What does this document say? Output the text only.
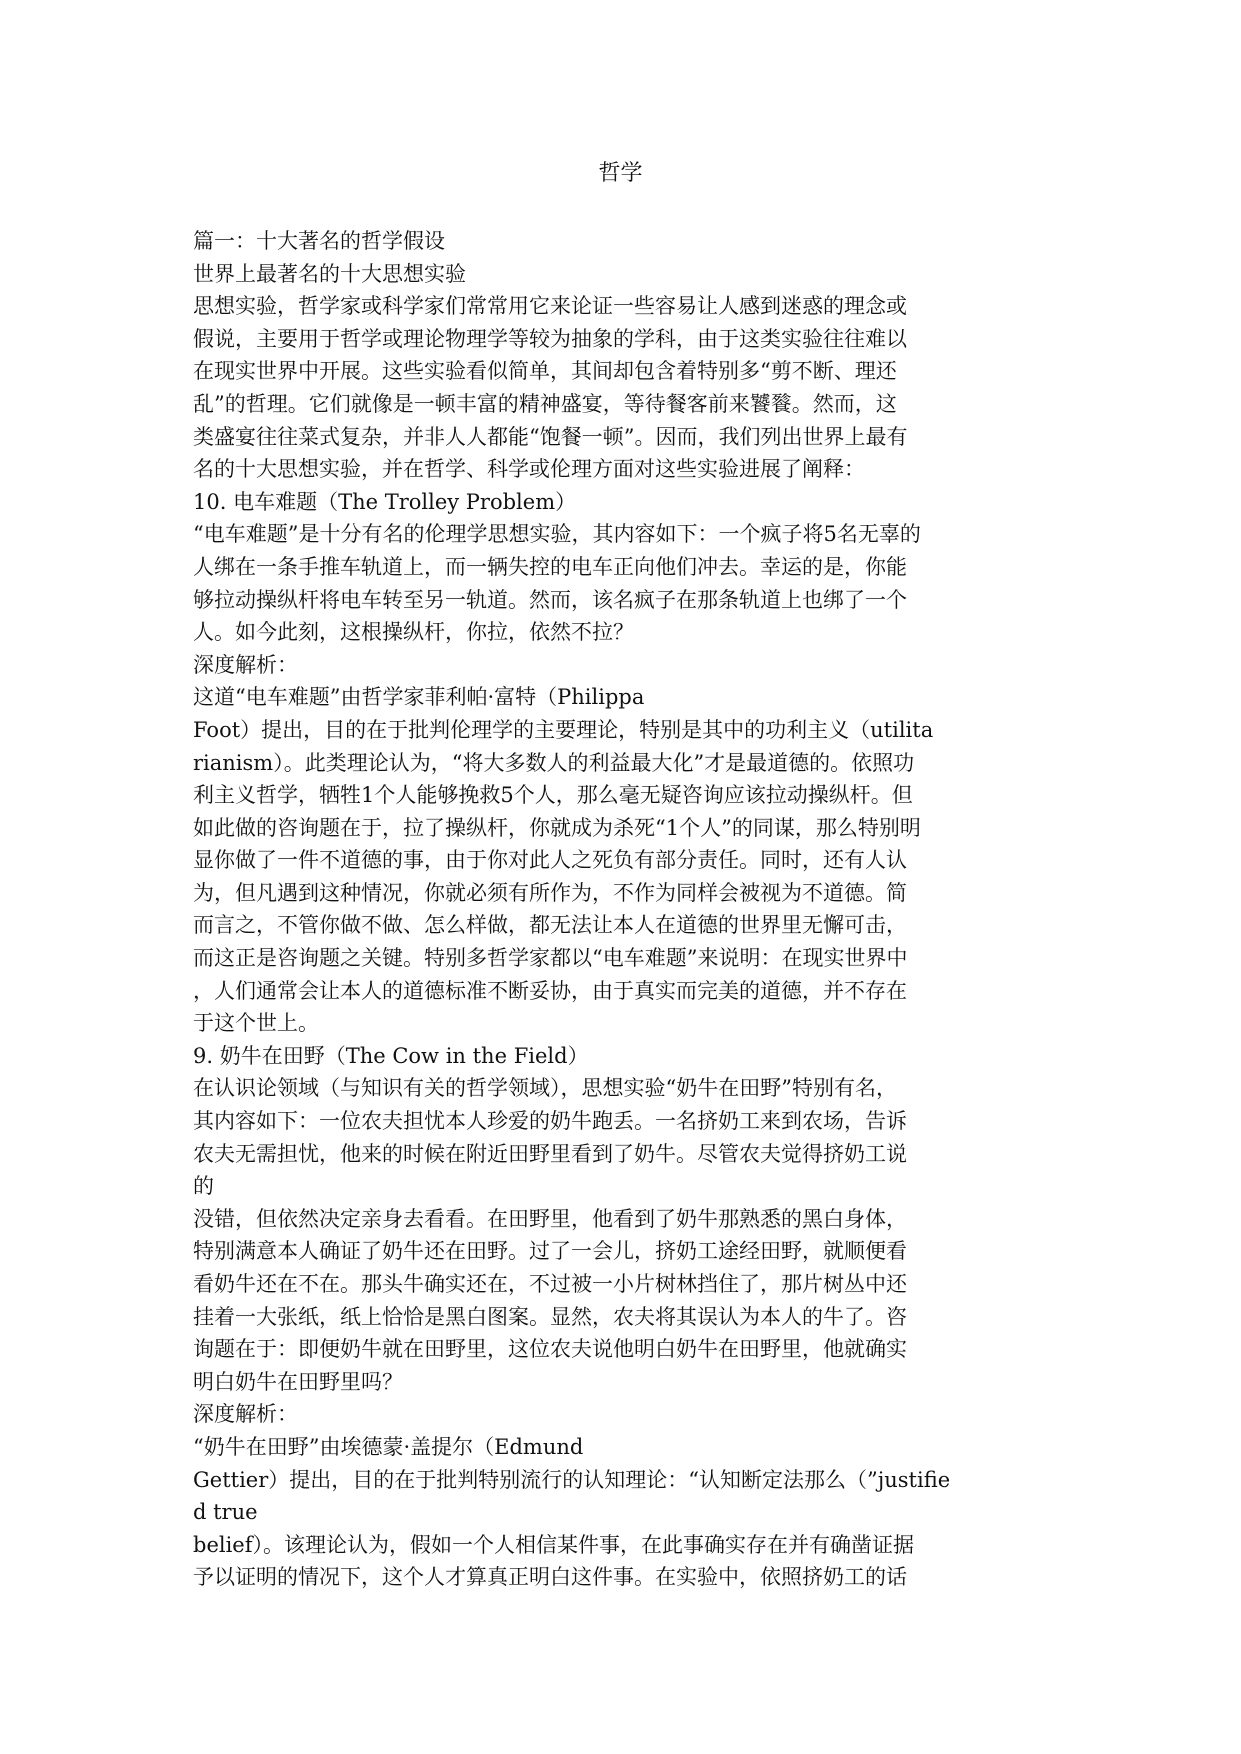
哲学
篇一：十大著名的哲学假设
世界上最著名的十大思想实验
思想实验，哲学家或科学家们常常用它来论证一些容易让人感到迷惑的理念或
假说，主要用于哲学或理论物理学等较为抽象的学科，由于这类实验往往难以
在现实世界中开展。这些实验看似简单，其间却包含着特别多“剪不断、理还
乱”的哲理。它们就像是一顿丰富的精神盛宴，等待餐客前来饕餮。然而，这
类盛宴往往菜式复杂，并非人人都能“饱餐一顿”。因而，我们列出世界上最有
名的十大思想实验，并在哲学、科学或伦理方面对这些实验进展了阐释：
10. 电车难题（The Trolley Problem）
“电车难题”是十分有名的伦理学思想实验，其内容如下：一个疯子将5名无辜的
人绑在一条手推车轨道上，而一辆失控的电车正向他们冲去。幸运的是，你能
够拉动操纵杆将电车转至另一轨道。然而，该名疯子在那条轨道上也绑了一个
人。如今此刻，这根操纵杆，你拉，依然不拉？
深度解析：
这道“电车难题”由哲学家菲利帕·富特（Philippa
Foot）提出，目的在于批判伦理学的主要理论，特别是其中的功利主义（utilita
rianism）。此类理论认为，“将大多数人的利益最大化”才是最道德的。依照功
利主义哲学，牺牲1个人能够挽救5个人，那么毫无疑咨询应该拉动操纵杆。但
如此做的咨询题在于，拉了操纵杆，你就成为杀死“1个人”的同谋，那么特别明
显你做了一件不道德的事，由于你对此人之死负有部分责任。同时，还有人认
为，但凡遇到这种情况，你就必须有所作为，不作为同样会被视为不道德。简
而言之，不管你做不做、怎么样做，都无法让本人在道德的世界里无懈可击，
而这正是咨询题之关键。特别多哲学家都以“电车难题”来说明：在现实世界中
，人们通常会让本人的道德标准不断妥协，由于真实而完美的道德，并不存在
于这个世上。
9. 奶牛在田野（The Cow in the Field）
在认识论领域（与知识有关的哲学领域），思想实验“奶牛在田野”特别有名，
其内容如下：一位农夫担忧本人珍爱的奶牛跑丢。一名挤奶工来到农场，告诉
农夫无需担忧，他来的时候在附近田野里看到了奶牛。尽管农夫觉得挤奶工说
的
没错，但依然决定亲身去看看。在田野里，他看到了奶牛那熟悉的黑白身体，
特别满意本人确证了奶牛还在田野。过了一会儿，挤奶工途经田野，就顺便看
看奶牛还在不在。那头牛确实还在，不过被一小片树林挡住了，那片树丛中还
挂着一大张纸，纸上恰恰是黑白图案。显然，农夫将其误认为本人的牛了。咨
询题在于：即便奶牛就在田野里，这位农夫说他明白奶牛在田野里，他就确实
明白奶牛在田野里吗？
深度解析：
“奶牛在田野”由埃德蒙·盖提尔（Edmund
Gettier）提出，目的在于批判特别流行的认知理论：“认知断定法那么（”justifie
d true
belief）。该理论认为，假如一个人相信某件事，在此事确实存在并有确凿证据
予以证明的情况下，这个人才算真正明白这件事。在实验中，依照挤奶工的话
